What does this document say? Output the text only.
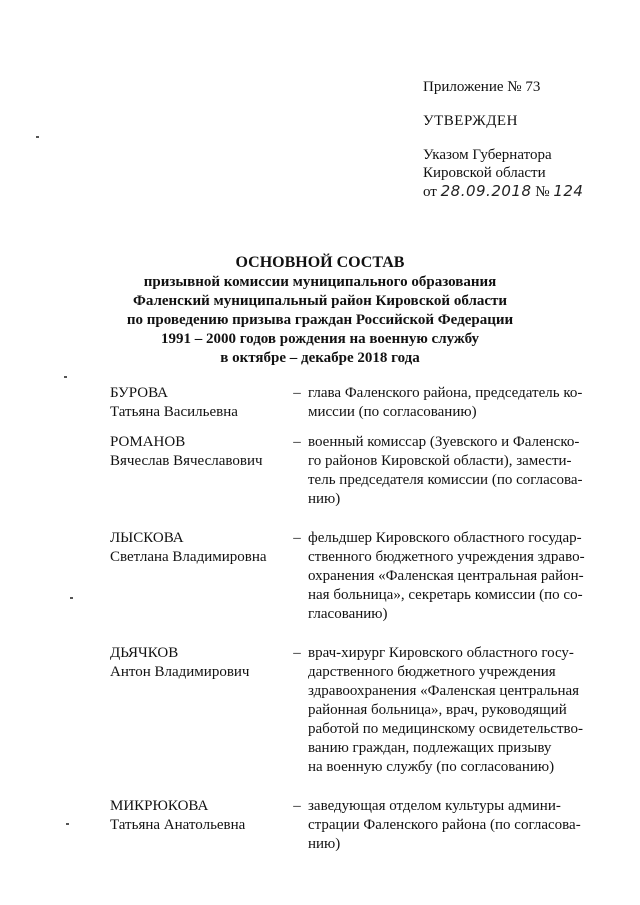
Приложение № 73
УТВЕРЖДЕН
Указом Губернатора
Кировской области
от 28.09.2018 № 124
ОСНОВНОЙ СОСТАВ
призывной комиссии муниципального образования
Фаленский муниципальный район Кировской области
по проведению призыва граждан Российской Федерации
1991 – 2000 годов рождения на военную службу
в октябре – декабре 2018 года
БУРОВА
Татьяна Васильевна
– глава Фаленского района, председатель ко-
миссии (по согласованию)
РОМАНОВ
Вячеслав Вячеславович
– военный комиссар (Зуевского и Фаленско-
го районов Кировской области), замести-
тель председателя комиссии (по согласова-
нию)
ЛЫСКОВА
Светлана Владимировна
– фельдшер Кировского областного государ-
ственного бюджетного учреждения здраво-
охранения «Фаленская центральная район-
ная больница», секретарь комиссии (по со-
гласованию)
ДЬЯЧКОВ
Антон Владимирович
– врач-хирург Кировского областного госу-
дарственного бюджетного учреждения
здравоохранения «Фаленская центральная
районная больница», врач, руководящий
работой по медицинскому освидетельство-
ванию граждан, подлежащих призыву
на военную службу (по согласованию)
МИКРЮКОВА
Татьяна Анатольевна
– заведующая отделом культуры админи-
страции Фаленского района (по согласова-
нию)
